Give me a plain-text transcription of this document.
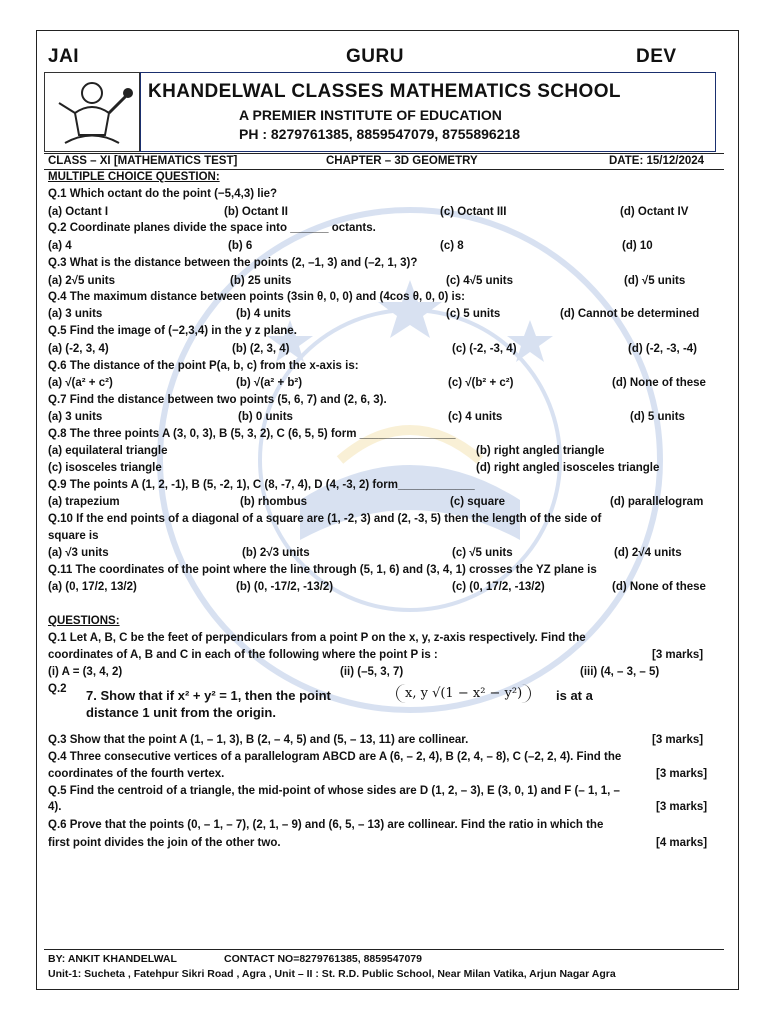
JAI	GURU	DEV
KHANDELWAL CLASSES MATHEMATICS SCHOOL
A PREMIER INSTITUTE OF EDUCATION
PH : 8279761385, 8859547079, 8755896218
CLASS – XI [MATHEMATICS TEST]	CHAPTER – 3D GEOMETRY	DATE: 15/12/2024
MULTIPLE CHOICE QUESTION:
Q.1 Which octant do the point (−5,4,3) lie?
(a) Octant I	(b) Octant II	(c) Octant III	(d) Octant IV
Q.2 Coordinate planes divide the space into ______ octants.
(a) 4	(b) 6	(c) 8	(d) 10
Q.3 What is the distance between the points (2, –1, 3) and (–2, 1, 3)?
(a) 2√5 units	(b) 25 units	(c) 4√5 units	(d) √5 units
Q.4 The maximum distance between points (3sin θ, 0, 0) and (4cos θ, 0, 0) is:
(a) 3 units	(b) 4 units	(c) 5 units	(d) Cannot be determined
Q.5 Find the image of (−2,3,4) in the y z plane.
(a) (-2, 3, 4)	(b) (2, 3, 4)	(c) (-2, -3, 4)	(d) (-2, -3, -4)
Q.6 The distance of the point P(a, b, c) from the x-axis is:
(a) √(a² + c²)	(b) √(a² + b²)	(c) √(b² + c²)	(d) None of these
Q.7 Find the distance between two points (5, 6, 7) and (2, 6, 3).
(a) 3 units	(b) 0 units	(c) 4 units	(d) 5 units
Q.8 The three points A (3, 0, 3), B (5, 3, 2), C (6, 5, 5) form _______________
(a) equilateral triangle	(b) right angled triangle
(c) isosceles triangle	(d) right angled isosceles triangle
Q.9 The points A (1, 2, -1), B (5, -2, 1), C (8, -7, 4), D (4, -3, 2) form____________
(a) trapezium	(b) rhombus	(c) square	(d) parallelogram
Q.10 If the end points of a diagonal of a square are (1, -2, 3) and (2, -3, 5) then the length of the side of
square is
(a) √3 units	(b) 2√3 units	(c) √5 units	(d) 2√4 units
Q.11 The coordinates of the point where the line through (5, 1, 6) and (3, 4, 1) crosses the YZ plane is
(a) (0, 17/2, 13/2)	(b) (0, -17/2, -13/2)	(c) (0, 17/2, -13/2)	(d) None of these
QUESTIONS:
Q.1 Let A, B, C be the feet of perpendiculars from a point P on the x, y, z-axis respectively. Find the
coordinates of A, B and C in each of the following where the point P is :	[3 marks]
(i) A = (3, 4, 2)	(ii) (–5, 3, 7)	(iii) (4, – 3, – 5)
Q.2 7. Show that if x² + y² = 1, then the point	x, y √(1 − x² − y²)	is at a
distance 1 unit from the origin.
Q.3 Show that the point A (1, – 1, 3), B (2, – 4, 5) and (5, – 13, 11) are collinear.	[3 marks]
Q.4 Three consecutive vertices of a parallelogram ABCD are A (6, – 2, 4), B (2, 4, – 8), C (–2, 2, 4). Find the
coordinates of the fourth vertex.	[3 marks]
Q.5 Find the centroid of a triangle, the mid-point of whose sides are D (1, 2, – 3), E (3, 0, 1) and F (– 1, 1, –
4).	[3 marks]
Q.6 Prove that the points (0, – 1, – 7), (2, 1, – 9) and (6, 5, – 13) are collinear. Find the ratio in which the
first point divides the join of the other two.	[4 marks]
BY: ANKIT KHANDELWAL	CONTACT NO=8279761385, 8859547079
Unit-1: Sucheta , Fatehpur Sikri Road , Agra , Unit – II : St. R.D. Public School, Near Milan Vatika, Arjun Nagar Agra
